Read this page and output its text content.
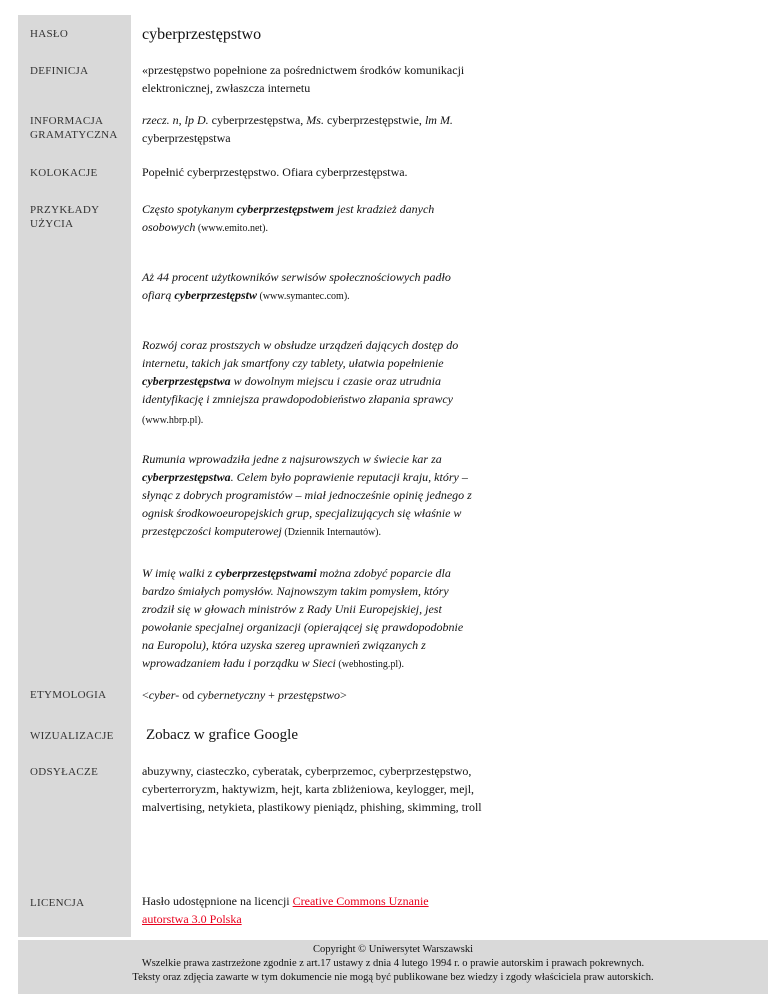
HASŁO
DEFINICJA
INFORMACJA
GRAMATYCZNA
KOLOKACJE
PRZYKŁADY
UŻYCIA
ETYMOLOGIA
WIZUALIZACJE
ODSYŁACZE
LICENCJA
cyberprzestępstwo
«przestępstwo popełnione za pośrednictwem środków komunikacji elektronicznej, zwłaszcza internetu
rzecz. n, lp D. cyberprzestępstwa, Ms. cyberprzestępstwie, lm M. cyberprzestępstwa
Popełnić cyberprzestępstwo. Ofiara cyberprzestępstwa.
Często spotykanym cyberprzestępstwem jest kradzież danych osobowych (www.emito.net).
Aż 44 procent użytkowników serwisów społecznościowych padło ofiarą cyberprzestępstw (www.symantec.com).
Rozwój coraz prostszych w obsłudze urządzeń dających dostęp do internetu, takich jak smartfony czy tablety, ułatwia popełnienie cyberprzestępstwa w dowolnym miejscu i czasie oraz utrudnia identyfikację i zmniejsza prawdopodobieństwo złapania sprawcy (www.hbrp.pl).
Rumunia wprowadziła jedne z najsurowszych w świecie kar za cyberprzestępstwa. Celem było poprawienie reputacji kraju, który – słynąc z dobrych programistów – miał jednocześnie opinię jednego z ognisk środkowoeuropejskich grup, specjalizujących się właśnie w przestępczości komputerowej (Dziennik Internautów).
W imię walki z cyberprzestępstwami można zdobyć poparcie dla bardzo śmiałych pomysłów. Najnowszym takim pomysłem, który zrodził się w głowach ministrów z Rady Unii Europejskiej, jest powołanie specjalnej organizacji (opierającej się prawdopodobnie na Europolu), która uzyska szereg uprawnień związanych z wprowadzaniem ładu i porządku w Sieci (webhosting.pl).
<cyber- od cybernetyczny + przestępstwo>
Zobacz w grafice Google
abuzywny, ciasteczko, cyberatak, cyberprzemoc, cyberprzestępstwo, cyberterroryzm, haktywizm, hejt, karta zbliżeniowa, keylogger, mejl, malvertising, netykieta, plastikowy pieniądz, phishing, skimming, troll
Hasło udostępnione na licencji Creative Commons Uznanie autorstwa 3.0 Polska
Copyright © Uniwersytet Warszawski
Wszelkie prawa zastrzeżone zgodnie z art.17 ustawy z dnia 4 lutego 1994 r. o prawie autorskim i prawach pokrewnych.
Teksty oraz zdjęcia zawarte w tym dokumencie nie mogą być publikowane bez wiedzy i zgody właściciela praw autorskich.
